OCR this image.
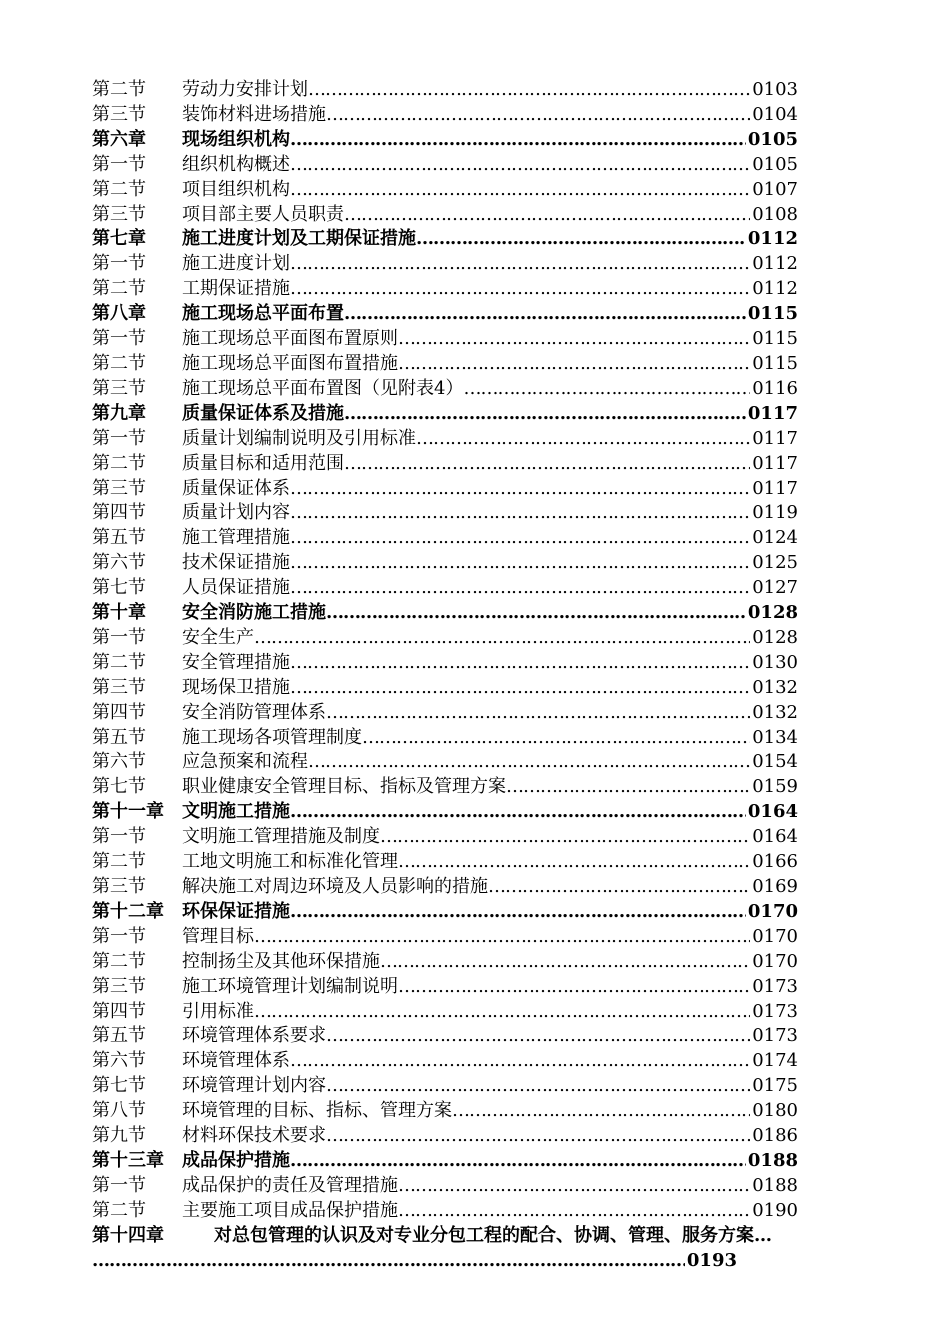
第二节	劳动力安排计划 ………………………………………………………………………………………………………………………………………………………………………………………………	0103
第三节	装饰材料进场措施 ………………………………………………………………………………………………………………………………………………………………………………………………	0104
第六章	现场组织机构 ………………………………………………………………………………………………………………………………………………………………………………………………	0105
第一节	组织机构概述 ………………………………………………………………………………………………………………………………………………………………………………………………	0105
第二节	项目组织机构 ………………………………………………………………………………………………………………………………………………………………………………………………	0107
第三节	项目部主要人员职责 ………………………………………………………………………………………………………………………………………………………………………………………………	0108
第七章	施工进度计划及工期保证措施 ………………………………………………………………………………………………………………………………………………………………………………………………	0112
第一节	施工进度计划 ………………………………………………………………………………………………………………………………………………………………………………………………	0112
第二节	工期保证措施 ………………………………………………………………………………………………………………………………………………………………………………………………	0112
第八章	施工现场总平面布置 ………………………………………………………………………………………………………………………………………………………………………………………………	0115
第一节	施工现场总平面图布置原则 ………………………………………………………………………………………………………………………………………………………………………………………………	0115
第二节	施工现场总平面图布置措施 ………………………………………………………………………………………………………………………………………………………………………………………………	0115
第三节	施工现场总平面布置图（见附表4） ………………………………………………………………………………………………………………………………………………………………………………………………	0116
第九章	质量保证体系及措施 ………………………………………………………………………………………………………………………………………………………………………………………………	0117
第一节	质量计划编制说明及引用标准 ………………………………………………………………………………………………………………………………………………………………………………………………	0117
第二节	质量目标和适用范围 ………………………………………………………………………………………………………………………………………………………………………………………………	0117
第三节	质量保证体系 ………………………………………………………………………………………………………………………………………………………………………………………………	0117
第四节	质量计划内容 ………………………………………………………………………………………………………………………………………………………………………………………………	0119
第五节	施工管理措施 ………………………………………………………………………………………………………………………………………………………………………………………………	0124
第六节	技术保证措施 ………………………………………………………………………………………………………………………………………………………………………………………………	0125
第七节	人员保证措施 ………………………………………………………………………………………………………………………………………………………………………………………………	0127
第十章	安全消防施工措施 ………………………………………………………………………………………………………………………………………………………………………………………………	0128
第一节	安全生产 ………………………………………………………………………………………………………………………………………………………………………………………………	0128
第二节	安全管理措施 ………………………………………………………………………………………………………………………………………………………………………………………………	0130
第三节	现场保卫措施 ………………………………………………………………………………………………………………………………………………………………………………………………	0132
第四节	安全消防管理体系 ………………………………………………………………………………………………………………………………………………………………………………………………	0132
第五节	施工现场各项管理制度 ………………………………………………………………………………………………………………………………………………………………………………………………	0134
第六节	应急预案和流程 ………………………………………………………………………………………………………………………………………………………………………………………………	0154
第七节	职业健康安全管理目标、指标及管理方案 ………………………………………………………………………………………………………………………………………………………………………………………………	0159
第十一章	文明施工措施 ………………………………………………………………………………………………………………………………………………………………………………………………	0164
第一节	文明施工管理措施及制度 ………………………………………………………………………………………………………………………………………………………………………………………………	0164
第二节	工地文明施工和标准化管理 ………………………………………………………………………………………………………………………………………………………………………………………………	0166
第三节	解决施工对周边环境及人员影响的措施 ………………………………………………………………………………………………………………………………………………………………………………………………	0169
第十二章	环保保证措施 ………………………………………………………………………………………………………………………………………………………………………………………………	0170
第一节	管理目标 ………………………………………………………………………………………………………………………………………………………………………………………………	0170
第二节	控制扬尘及其他环保措施 ………………………………………………………………………………………………………………………………………………………………………………………………	0170
第三节	施工环境管理计划编制说明 ………………………………………………………………………………………………………………………………………………………………………………………………	0173
第四节	引用标准 ………………………………………………………………………………………………………………………………………………………………………………………………	0173
第五节	环境管理体系要求 ………………………………………………………………………………………………………………………………………………………………………………………………	0173
第六节	环境管理体系 ………………………………………………………………………………………………………………………………………………………………………………………………	0174
第七节	环境管理计划内容 ………………………………………………………………………………………………………………………………………………………………………………………………	0175
第八节	环境管理的目标、指标、管理方案 ………………………………………………………………………………………………………………………………………………………………………………………………	0180
第九节	材料环保技术要求 ………………………………………………………………………………………………………………………………………………………………………………………………	0186
第十三章	成品保护措施 ………………………………………………………………………………………………………………………………………………………………………………………………	0188
第一节	成品保护的责任及管理措施 ………………………………………………………………………………………………………………………………………………………………………………………………	0188
第二节	主要施工项目成品保护措施 ………………………………………………………………………………………………………………………………………………………………………………………………	0190
第十四章	对总包管理的认识及对专业分包工程的配合、协调、管理、服务方案…
………………………………………………………………………………………………………………………………………………………………………………………………
0193
